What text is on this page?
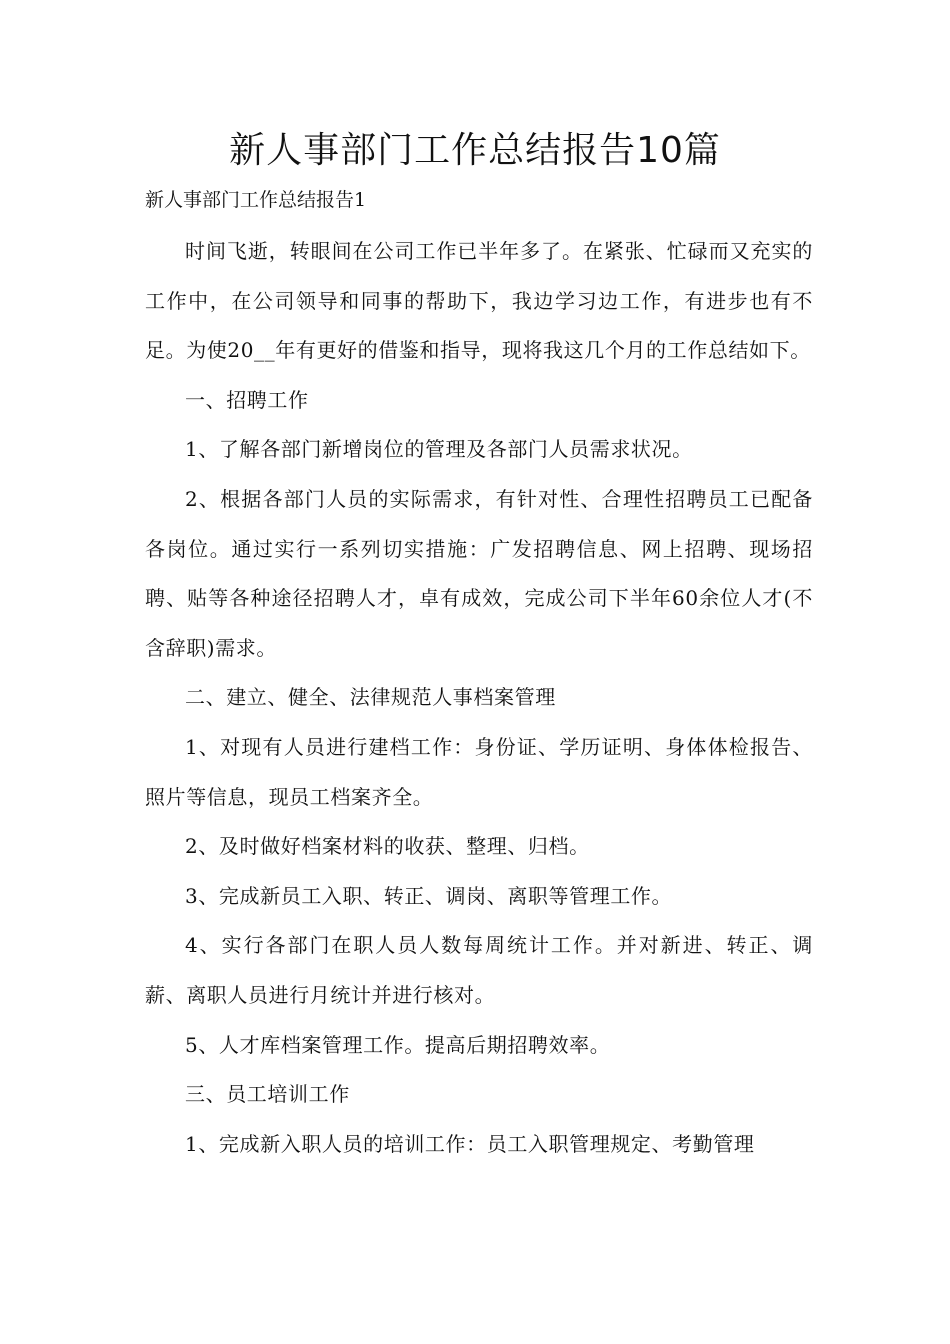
新人事部门工作总结报告10篇
新人事部门工作总结报告1

时间飞逝，转眼间在公司工作已半年多了。在紧张、忙碌而又充实的工作中，在公司领导和同事的帮助下，我边学习边工作，有进步也有不足。为使20__年有更好的借鉴和指导，现将我这几个月的工作总结如下。

一、招聘工作

1、了解各部门新增岗位的管理及各部门人员需求状况。

2、根据各部门人员的实际需求，有针对性、合理性招聘员工已配备各岗位。通过实行一系列切实措施：广发招聘信息、网上招聘、现场招聘、贴等各种途径招聘人才，卓有成效，完成公司下半年60余位人才(不含辞职)需求。

二、建立、健全、法律规范人事档案管理

1、对现有人员进行建档工作：身份证、学历证明、身体体检报告、照片等信息，现员工档案齐全。

2、及时做好档案材料的收获、整理、归档。

3、完成新员工入职、转正、调岗、离职等管理工作。

4、实行各部门在职人员人数每周统计工作。并对新进、转正、调薪、离职人员进行月统计并进行核对。

5、人才库档案管理工作。提高后期招聘效率。

三、员工培训工作

1、完成新入职人员的培训工作：员工入职管理规定、考勤管理
